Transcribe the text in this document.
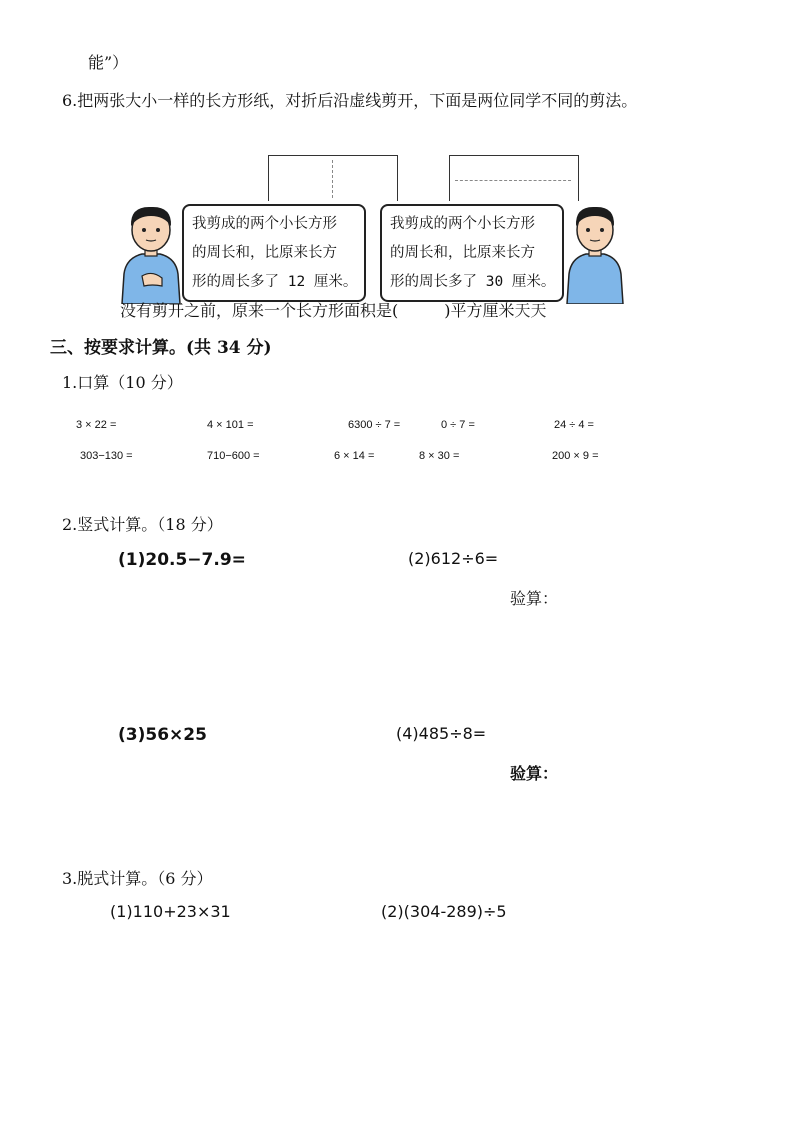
能”）
6.把两张大小一样的长方形纸，对折后沿虚线剪开，下面是两位同学不同的剪法。
我剪成的两个小长方形
的周长和，比原来长方
形的周长多了 12 厘米。
我剪成的两个小长方形
的周长和，比原来长方
形的周长多了 30 厘米。
没有剪开之前，原来一个长方形面积是(	)平方厘米天天
三、按要求计算。(共 34 分)
1.口算（10 分）
3 × 22 =	4 × 101 =	6300 ÷ 7 =	0 ÷ 7 =	24 ÷ 4 =
303−130 =	710−600 =	6 × 14 =	8 × 30 =	200 × 9 =
2.竖式计算。（18 分）
(1)20.5−7.9=	(2)612÷6=
验算：
(3)56×25	(4)485÷8=
验算：
3.脱式计算。（6 分）
(1)110+23×31	(2)(304-289)÷5
